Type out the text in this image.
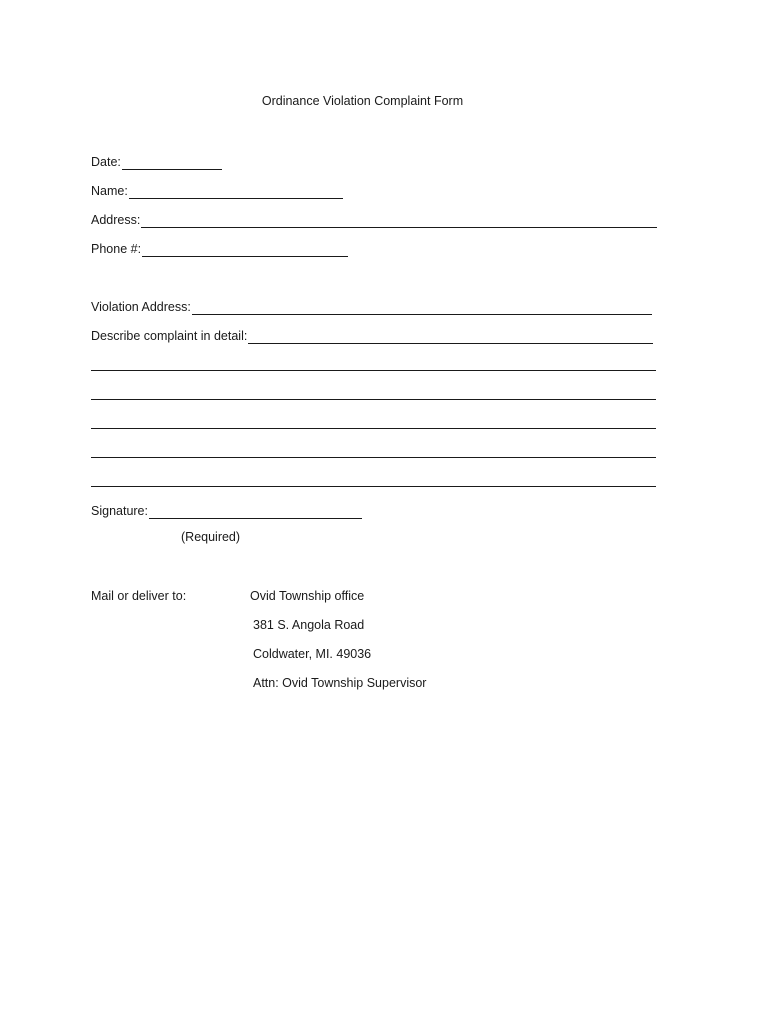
Ordinance Violation Complaint Form
Date:
Name:
Address:
Phone #:
Violation Address:
Describe complaint in detail:
Signature:
(Required)
Mail or deliver to:	Ovid Township office
381 S. Angola Road
Coldwater, MI. 49036
Attn: Ovid Township Supervisor
